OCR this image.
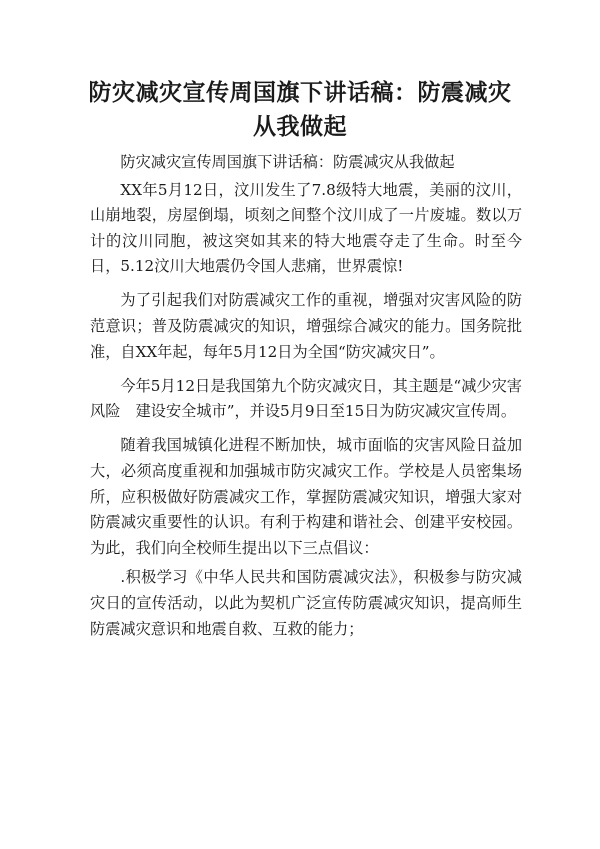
防灾减灾宣传周国旗下讲话稿：防震减灾 从我做起

防灾减灾宣传周国旗下讲话稿：防震减灾从我做起

XX年5月12日，汶川发生了7.8级特大地震，美丽的汶川，山崩地裂，房屋倒塌，顷刻之间整个汶川成了一片废墟。数以万计的汶川同胞，被这突如其来的特大地震夺走了生命。时至今日，5.12汶川大地震仍令国人悲痛，世界震惊!

为了引起我们对防震减灾工作的重视，增强对灾害风险的防范意识；普及防震减灾的知识，增强综合减灾的能力。国务院批准，自XX年起，每年5月12日为全国“防灾减灾日”。

今年5月12日是我国第九个防灾减灾日，其主题是“减少灾害风险　建设安全城市”，并设5月9日至15日为防灾减灾宣传周。

随着我国城镇化进程不断加快，城市面临的灾害风险日益加大，必须高度重视和加强城市防灾减灾工作。学校是人员密集场所，应积极做好防震减灾工作，掌握防震减灾知识，增强大家对防震减灾重要性的认识。有利于构建和谐社会、创建平安校园。为此，我们向全校师生提出以下三点倡议：

.积极学习《中华人民共和国防震减灾法》，积极参与防灾减灾日的宣传活动，以此为契机广泛宣传防震减灾知识，提高师生防震减灾意识和地震自救、互救的能力；
